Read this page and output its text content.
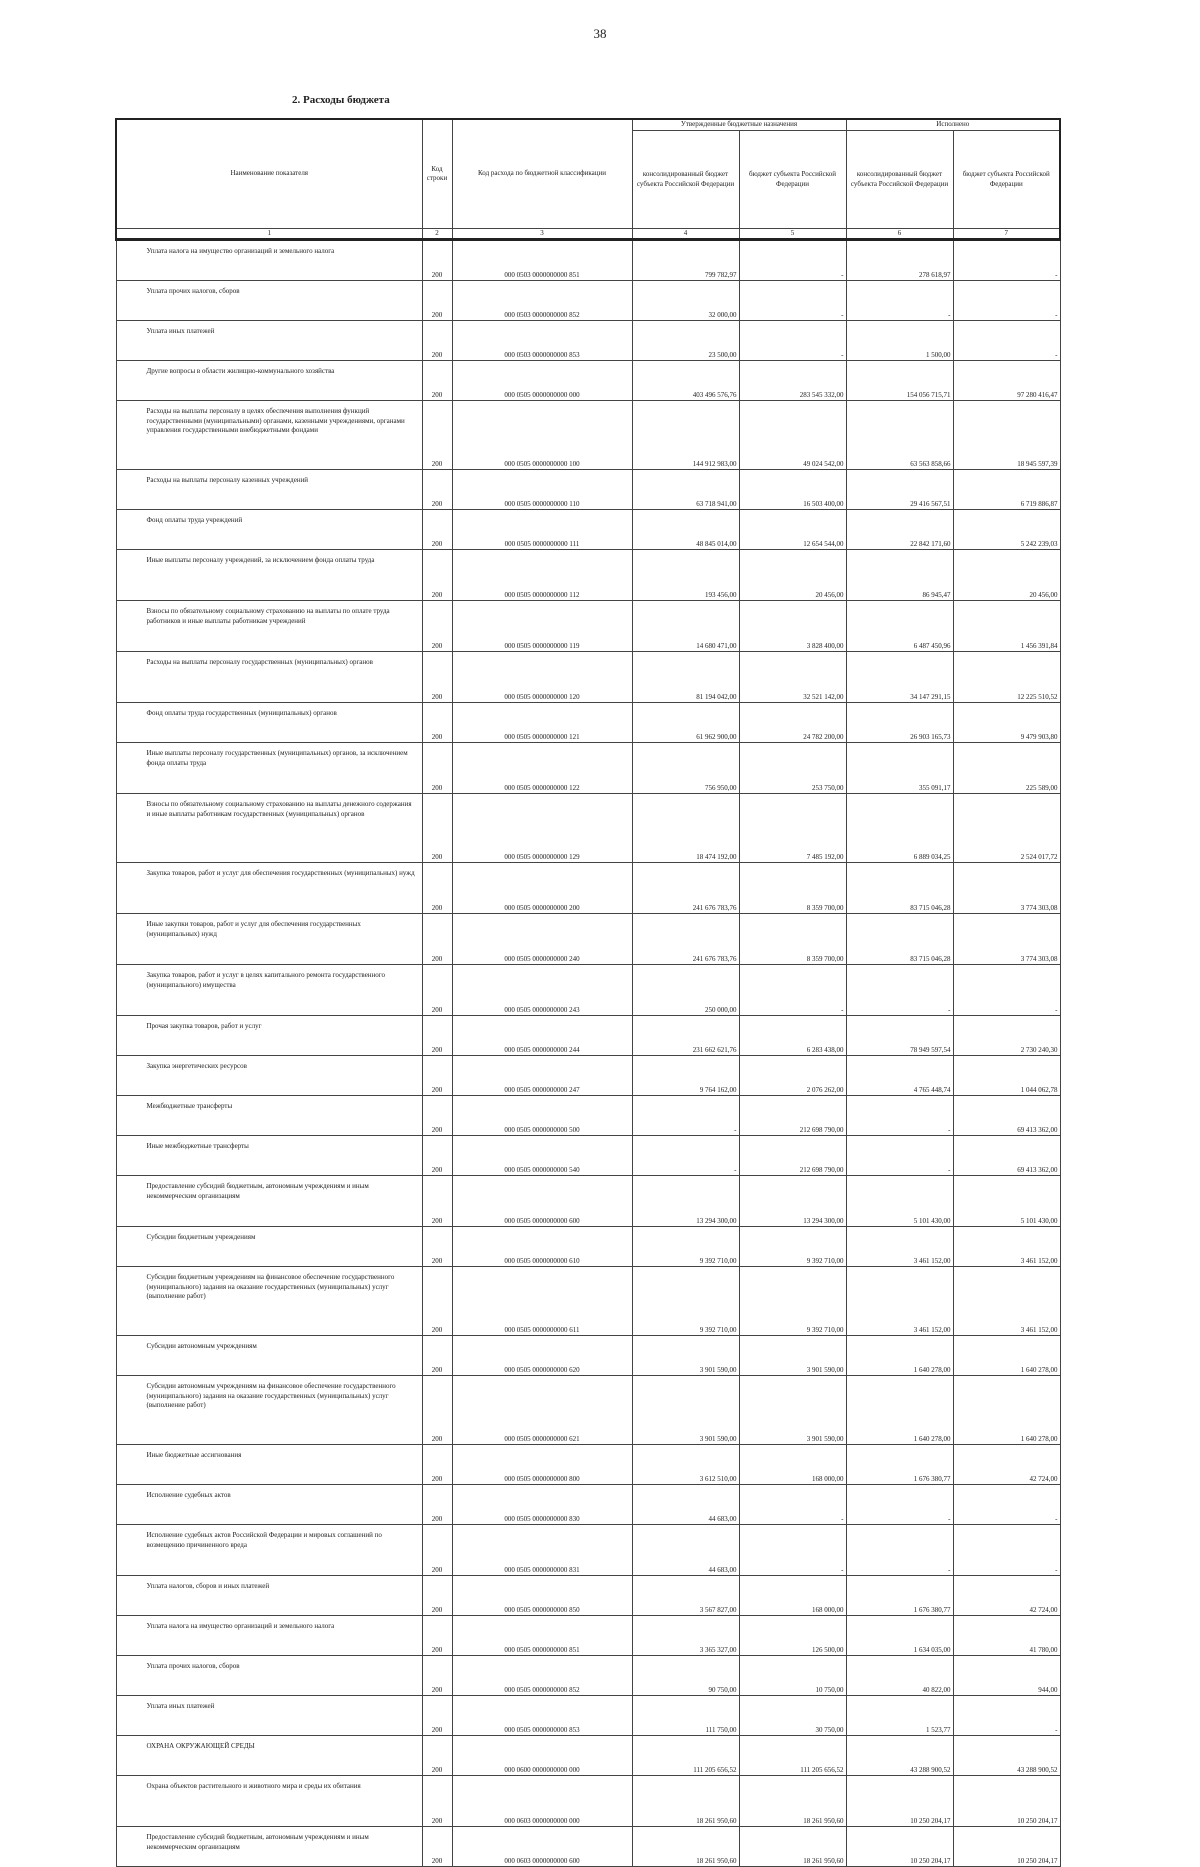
38
2. Расходы бюджета
Наименование показателя	Код строки	Код расхода по бюджетной классификации	Утвержденные бюджетные назначения		Исполнено	
			консолидированный бюджет субъекта Российской Федерации	бюджет субъекта Российской Федерации	консолидированный бюджет субъекта Российской Федерации	бюджет субъекта Российской Федерации
1	2	3	4	5	6	7
Уплата налога на имущество организаций и земельного налога	200	000 0503 0000000000 851	799 782,97	-	278 618,97	-
Уплата прочих налогов, сборов	200	000 0503 0000000000 852	32 000,00	-	-	-
Уплата иных платежей	200	000 0503 0000000000 853	23 500,00	-	1 500,00	-
Другие вопросы в области жилищно-коммунального хозяйства	200	000 0505 0000000000 000	403 496 576,76	283 545 332,00	154 056 715,71	97 280 416,47
Расходы на выплаты персоналу в целях обеспечения выполнения функций государственными (муниципальными) органами, казенными учреждениями, органами управления государственными внебюджетными фондами	200	000 0505 0000000000 100	144 912 983,00	49 024 542,00	63 563 858,66	18 945 597,39
Расходы на выплаты персоналу казенных учреждений	200	000 0505 0000000000 110	63 718 941,00	16 503 400,00	29 416 567,51	6 719 886,87
Фонд оплаты труда учреждений	200	000 0505 0000000000 111	48 845 014,00	12 654 544,00	22 842 171,60	5 242 239,03
Иные выплаты персоналу учреждений, за исключением фонда оплаты труда	200	000 0505 0000000000 112	193 456,00	20 456,00	86 945,47	20 456,00
Взносы по обязательному социальному страхованию на выплаты по оплате труда работников и иные выплаты работникам учреждений	200	000 0505 0000000000 119	14 680 471,00	3 828 400,00	6 487 450,96	1 456 391,84
Расходы на выплаты персоналу государственных (муниципальных) органов	200	000 0505 0000000000 120	81 194 042,00	32 521 142,00	34 147 291,15	12 225 510,52
Фонд оплаты труда государственных (муниципальных) органов	200	000 0505 0000000000 121	61 962 900,00	24 782 200,00	26 903 165,73	9 479 903,80
Иные выплаты персоналу государственных (муниципальных) органов, за исключением фонда оплаты труда	200	000 0505 0000000000 122	756 950,00	253 750,00	355 091,17	225 589,00
Взносы по обязательному социальному страхованию на выплаты денежного содержания и иные выплаты работникам государственных (муниципальных) органов	200	000 0505 0000000000 129	18 474 192,00	7 485 192,00	6 889 034,25	2 524 017,72
Закупка товаров, работ и услуг для обеспечения государственных (муниципальных) нужд	200	000 0505 0000000000 200	241 676 783,76	8 359 700,00	83 715 046,28	3 774 303,08
Иные закупки товаров, работ и услуг для обеспечения государственных (муниципальных) нужд	200	000 0505 0000000000 240	241 676 783,76	8 359 700,00	83 715 046,28	3 774 303,08
Закупка товаров, работ и услуг в целях капитального ремонта государственного (муниципального) имущества	200	000 0505 0000000000 243	250 000,00	-	-	-
Прочая закупка товаров, работ и услуг	200	000 0505 0000000000 244	231 662 621,76	6 283 438,00	78 949 597,54	2 730 240,30
Закупка энергетических ресурсов	200	000 0505 0000000000 247	9 764 162,00	2 076 262,00	4 765 448,74	1 044 062,78
Межбюджетные трансферты	200	000 0505 0000000000 500	-	212 698 790,00	-	69 413 362,00
Иные межбюджетные трансферты	200	000 0505 0000000000 540	-	212 698 790,00	-	69 413 362,00
Предоставление субсидий бюджетным, автономным учреждениям и иным некоммерческим организациям	200	000 0505 0000000000 600	13 294 300,00	13 294 300,00	5 101 430,00	5 101 430,00
Субсидии бюджетным учреждениям	200	000 0505 0000000000 610	9 392 710,00	9 392 710,00	3 461 152,00	3 461 152,00
Субсидии бюджетным учреждениям на финансовое обеспечение государственного (муниципального) задания на оказание государственных (муниципальных) услуг (выполнение работ)	200	000 0505 0000000000 611	9 392 710,00	9 392 710,00	3 461 152,00	3 461 152,00
Субсидии автономным учреждениям	200	000 0505 0000000000 620	3 901 590,00	3 901 590,00	1 640 278,00	1 640 278,00
Субсидии автономным учреждениям на финансовое обеспечение государственного (муниципального) задания на оказание государственных (муниципальных) услуг (выполнение работ)	200	000 0505 0000000000 621	3 901 590,00	3 901 590,00	1 640 278,00	1 640 278,00
Иные бюджетные ассигнования	200	000 0505 0000000000 800	3 612 510,00	168 000,00	1 676 380,77	42 724,00
Исполнение судебных актов	200	000 0505 0000000000 830	44 683,00	-	-	-
Исполнение судебных актов Российской Федерации и мировых соглашений по возмещению причиненного вреда	200	000 0505 0000000000 831	44 683,00	-	-	-
Уплата налогов, сборов и иных платежей	200	000 0505 0000000000 850	3 567 827,00	168 000,00	1 676 380,77	42 724,00
Уплата налога на имущество организаций и земельного налога	200	000 0505 0000000000 851	3 365 327,00	126 500,00	1 634 035,00	41 780,00
Уплата прочих налогов, сборов	200	000 0505 0000000000 852	90 750,00	10 750,00	40 822,00	944,00
Уплата иных платежей	200	000 0505 0000000000 853	111 750,00	30 750,00	1 523,77	-
ОХРАНА ОКРУЖАЮЩЕЙ СРЕДЫ	200	000 0600 0000000000 000	111 205 656,52	111 205 656,52	43 288 900,52	43 288 900,52
Охрана объектов растительного и животного мира и среды их обитания	200	000 0603 0000000000 000	18 261 950,60	18 261 950,60	10 250 204,17	10 250 204,17
Предоставление субсидий бюджетным, автономным учреждениям и иным некоммерческим организациям	200	000 0603 0000000000 600	18 261 950,60	18 261 950,60	10 250 204,17	10 250 204,17
